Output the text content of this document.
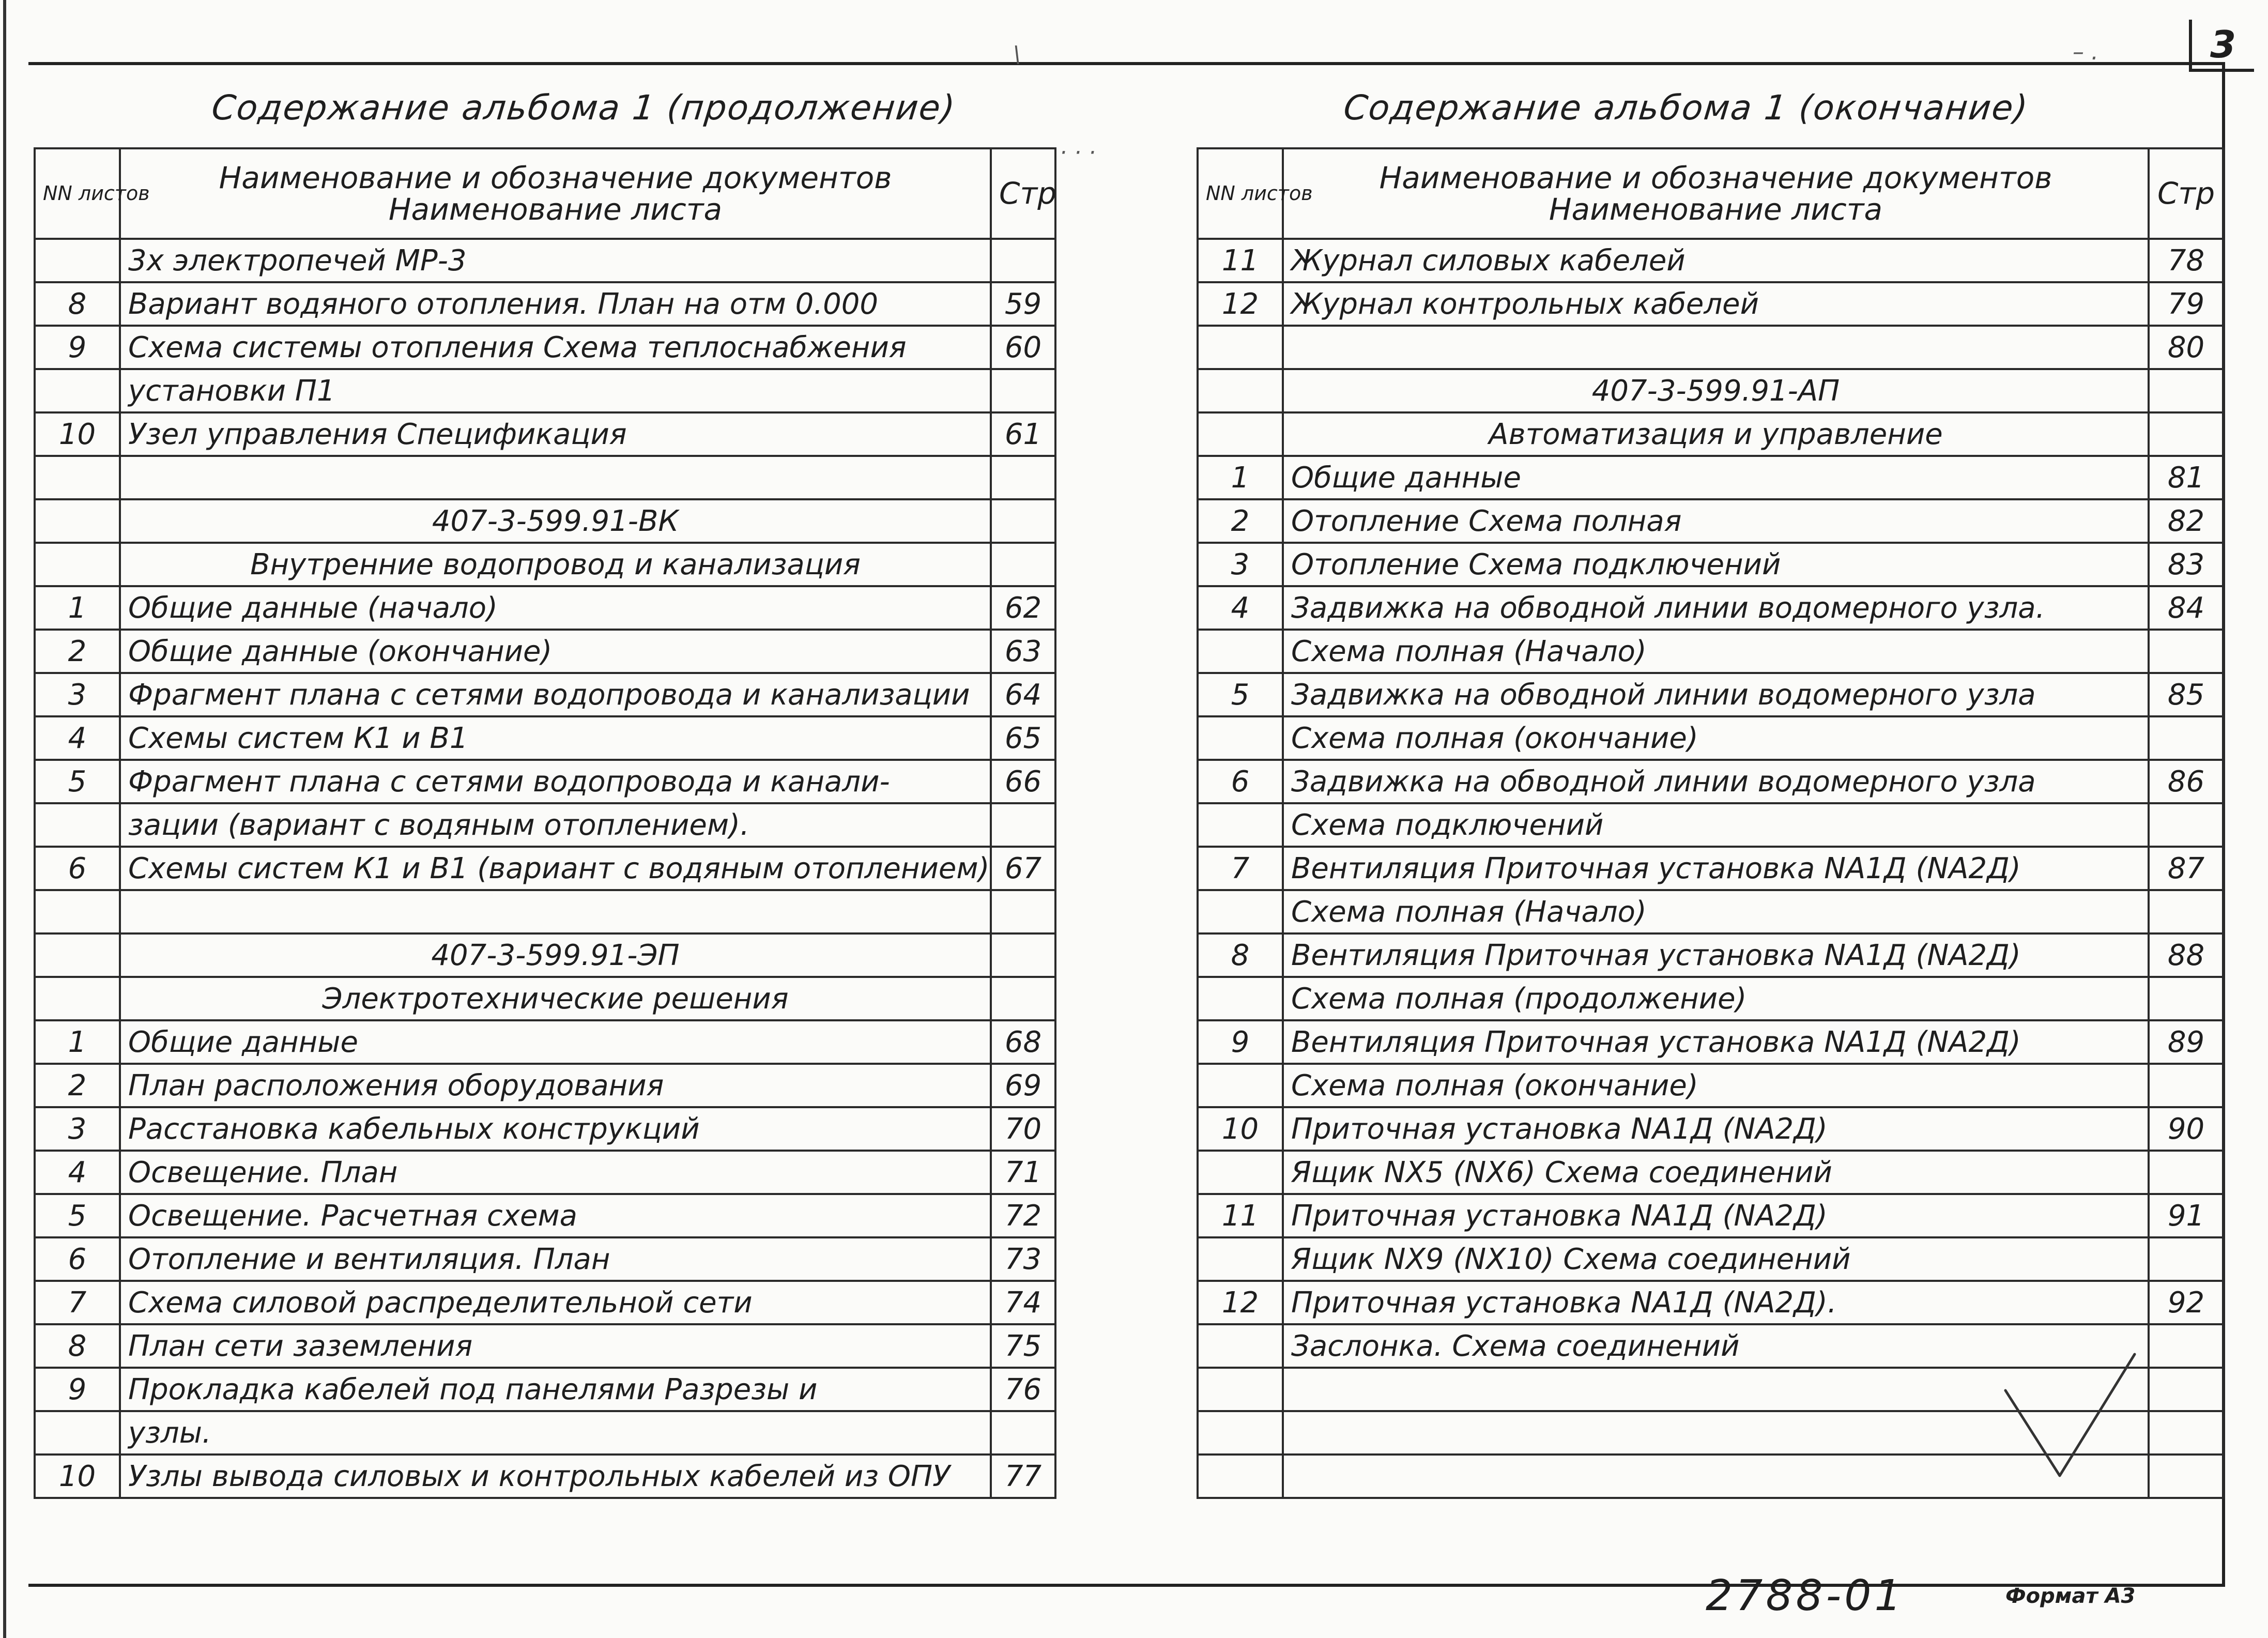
3
\
· · ·
– .
Содержание альбома 1 (продолжение)
NN листов	Наименование и обозначение документов
Наименование листа	Стр
	3х электропечей МР-3	
8	Вариант водяного отопления. План на отм 0.000	59
9	Схема системы отопления Схема теплоснабжения	60
	установки П1	
10	Узел управления Спецификация	61

	407-3-599.91-ВК	
	Внутренние водопровод и канализация	
1	Общие данные (начало)	62
2	Общие данные (окончание)	63
3	Фрагмент плана с сетями водопровода и канализации	64
4	Схемы систем К1 и В1	65
5	Фрагмент плана с сетями водопровода и канали-	66
	зации (вариант с водяным отоплением).	
6	Схемы систем К1 и В1 (вариант с водяным отоплением)	67

	407-3-599.91-ЭП	
	Электротехнические решения	
1	Общие данные	68
2	План расположения оборудования	69
3	Расстановка кабельных конструкций	70
4	Освещение. План	71
5	Освещение. Расчетная схема	72
6	Отопление и вентиляция. План	73
7	Схема силовой распределительной сети	74
8	План сети заземления	75
9	Прокладка кабелей под панелями Разрезы и	76
	узлы.	
10	Узлы вывода силовых и контрольных кабелей из ОПУ	77
Содержание альбома 1 (окончание)
NN листов	Наименование и обозначение документов
Наименование листа	Стр
11	Журнал силовых кабелей	78
12	Журнал контрольных кабелей	79
		80
	407-3-599.91-АП	
	Автоматизация и управление	
1	Общие данные	81
2	Отопление Схема полная	82
3	Отопление Схема подключений	83
4	Задвижка на обводной линии водомерного узла.	84
	Схема полная (Начало)	
5	Задвижка на обводной линии водомерного узла	85
	Схема полная (окончание)	
6	Задвижка на обводной линии водомерного узла	86
	Схема подключений	
7	Вентиляция Приточная установка NA1Д (NA2Д)	87
	Схема полная (Начало)	
8	Вентиляция Приточная установка NA1Д (NA2Д)	88
	Схема полная (продолжение)	
9	Вентиляция Приточная установка NA1Д (NA2Д)	89
	Схема полная (окончание)	
10	Приточная установка NA1Д (NA2Д)	90
	Ящик NX5 (NX6) Схема соединений	
11	Приточная установка NA1Д (NA2Д)	91
	Ящик NX9 (NX10) Схема соединений	
12	Приточная установка NA1Д (NA2Д).	92
	Заслонка. Схема соединений	

2788-01	Формат А3
